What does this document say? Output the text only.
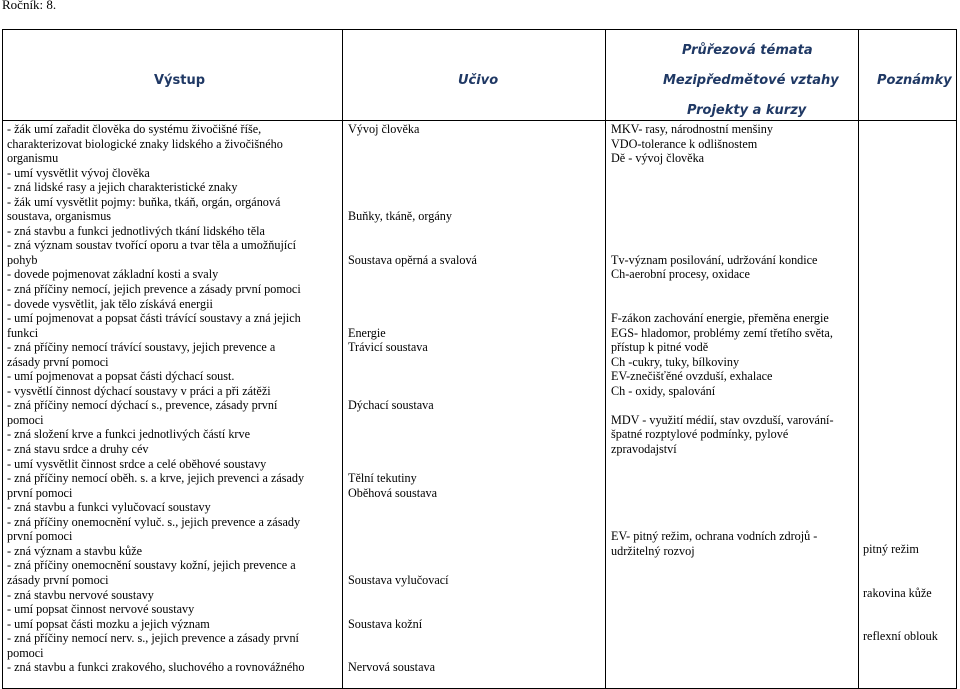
Ročník: 8.
Výstup	Učivo
Průřezová témata
Mezipředmětové vztahy
Projekty a kurzy
Poznámky
- žák umí zařadit člověka do systému živočišné říše,
charakterizovat biologické znaky lidského a živočišného
organismu
- umí vysvětlit vývoj člověka
- zná lidské rasy a jejich charakteristické znaky
- žák umí vysvětlit pojmy: buňka, tkáň, orgán, orgánová
soustava, organismus
- zná stavbu a funkci jednotlivých tkání lidského těla
- zná význam soustav tvořící oporu a tvar těla a umožňující
pohyb
- dovede pojmenovat základní kosti a svaly
- zná příčiny nemocí, jejich prevence a zásady první pomoci
- dovede vysvětlit, jak tělo získává energii
- umí pojmenovat a popsat části trávící soustavy a zná jejich
funkci
- zná příčiny nemocí trávící soustavy, jejich prevence a
zásady první pomoci
- umí pojmenovat a popsat části dýchací soust.
- vysvětlí činnost dýchací soustavy v práci a při zátěži
- zná příčiny nemocí dýchací s., prevence, zásady první
pomoci
- zná složení krve a funkci jednotlivých částí krve
- zná stavu srdce a druhy cév
- umí vysvětlit činnost srdce a celé oběhové soustavy
- zná příčiny nemocí oběh. s. a krve, jejich prevenci a zásady
první pomoci
- zná stavbu a funkci vylučovací soustavy
- zná příčiny onemocnění vyluč. s., jejich prevence a zásady
první pomoci
- zná význam a stavbu kůže
- zná příčiny onemocnění soustavy kožní, jejich prevence a
zásady první pomoci
- zná stavbu nervové soustavy
- umí popsat činnost nervové soustavy
- umí popsat části mozku a jejich význam
- zná příčiny nemocí nerv. s., jejich prevence a zásady první
pomoci
- zná stavbu a funkci zrakového, sluchového a rovnovážného
Vývoj člověka
Buňky, tkáně, orgány
Soustava opěrná a svalová
Energie
Trávicí soustava
Dýchací soustava
Tělní tekutiny
Oběhová soustava
Soustava vylučovací
Soustava kožní
Nervová soustava
MKV- rasy, národnostní menšiny
VDO-tolerance k odlišnostem
Dě - vývoj člověka
Tv-význam posilování, udržování kondice
Ch-aerobní procesy, oxidace
F-zákon zachování energie, přeměna energie
EGS- hladomor, problémy zemí třetího světa,
přístup k pitné vodě
Ch -cukry, tuky, bílkoviny
EV-znečišťěné ovzduší, exhalace
Ch - oxidy, spalování
MDV - využití médií, stav ovzduší, varování-
špatné rozptylové podmínky, pylové
zpravodajství
EV- pitný režim, ochrana vodních zdrojů -
udržitelný rozvoj	pitný režim
rakovina kůže
reflexní oblouk
